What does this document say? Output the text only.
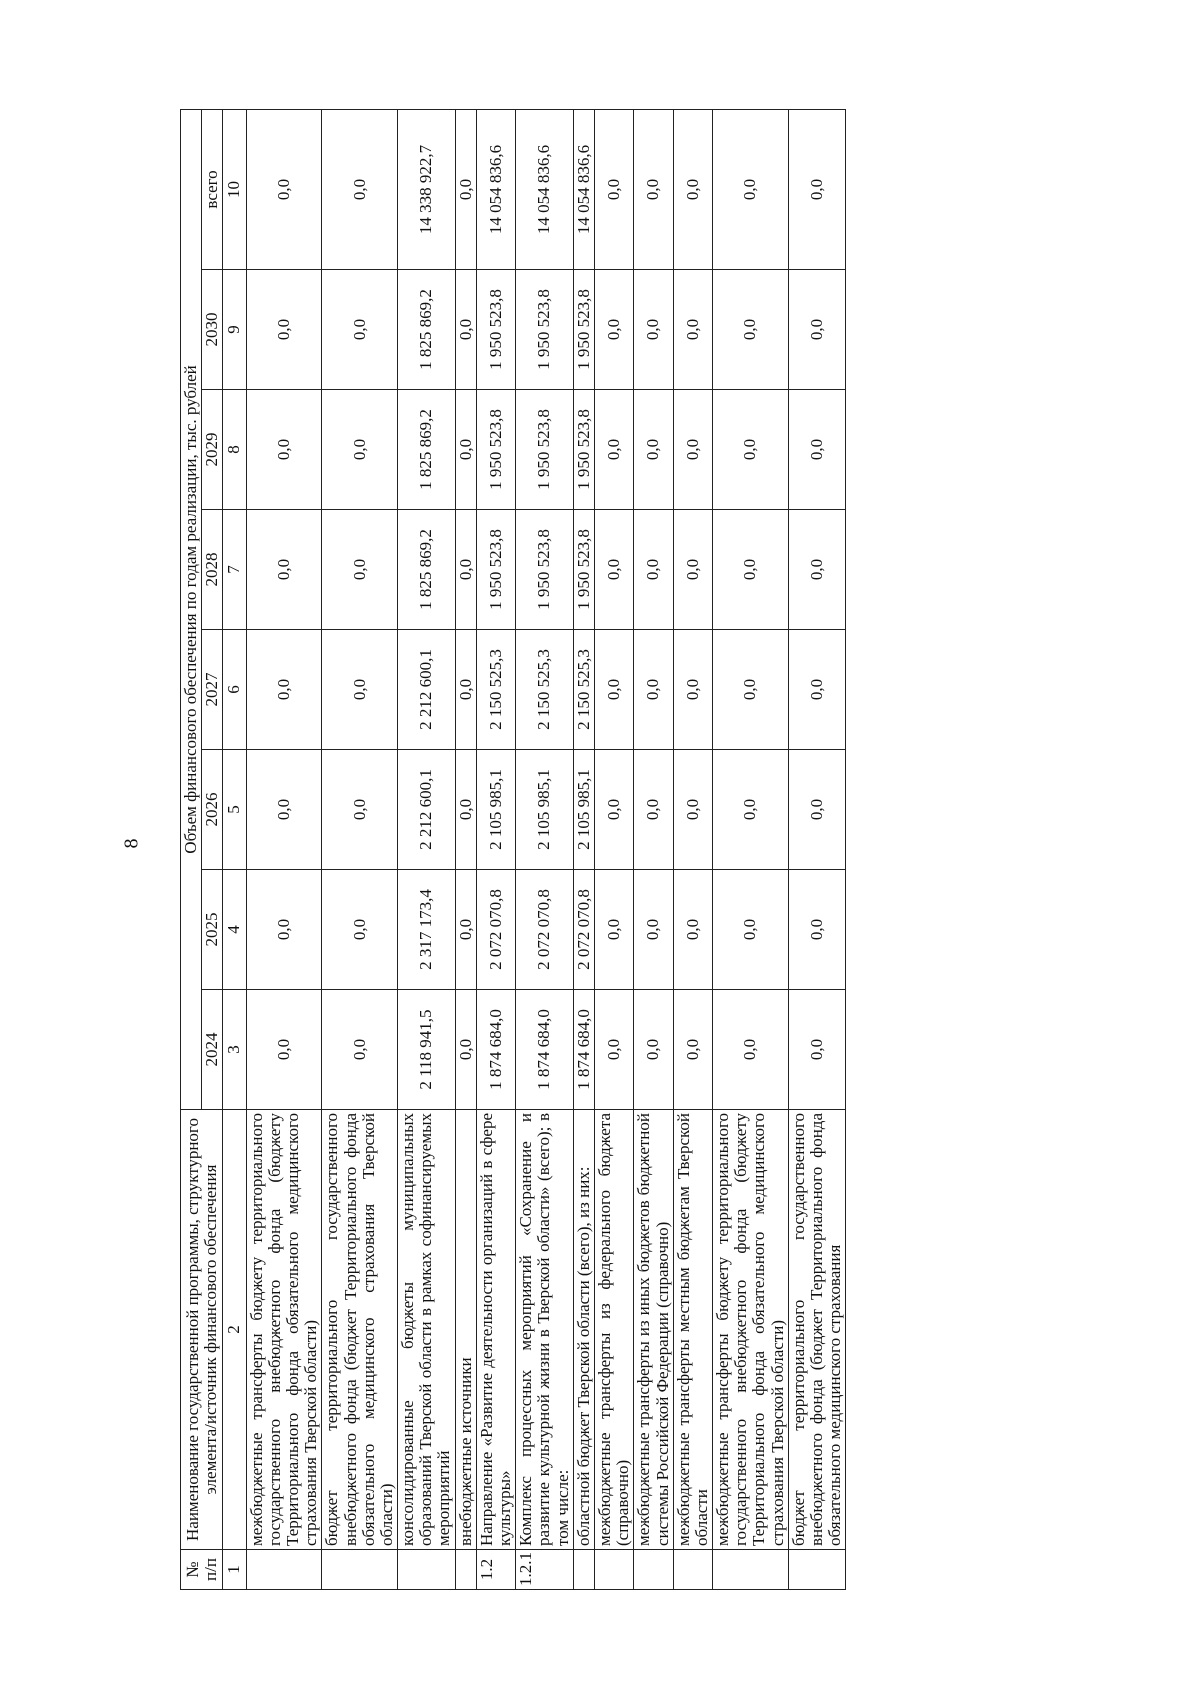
8
№ п/п	Наименование государственной программы, структурного элемента/источник финансового обеспечения	Объем финансового обеспечения по годам реализации, тыс. рублей							
		2024	2025	2026	2027	2028	2029	2030	всего
1	2	3	4	5	6	7	8	9	10
	межбюджетные трансферты бюджету территориального государственного внебюджетного фонда (бюджету Территориального фонда обязательного медицинского страхования Тверской области)	0,0	0,0	0,0	0,0	0,0	0,0	0,0	0,0
	бюджет территориального государственного внебюджетного фонда (бюджет Территориального фонда обязательного медицинского страхования Тверской области)	0,0	0,0	0,0	0,0	0,0	0,0	0,0	0,0
	консолидированные бюджеты муниципальных образований Тверской области в рамках софинансируемых мероприятий	2 118 941,5	2 317 173,4	2 212 600,1	2 212 600,1	1 825 869,2	1 825 869,2	1 825 869,2	14 338 922,7
	внебюджетные источники	0,0	0,0	0,0	0,0	0,0	0,0	0,0	0,0
1.2	Направление «Развитие деятельности организаций в сфере культуры»	1 874 684,0	2 072 070,8	2 105 985,1	2 150 525,3	1 950 523,8	1 950 523,8	1 950 523,8	14 054 836,6
1.2.1	Комплекс процессных мероприятий «Сохранение и развитие культурной жизни в Тверской области» (всего); в том числе:	1 874 684,0	2 072 070,8	2 105 985,1	2 150 525,3	1 950 523,8	1 950 523,8	1 950 523,8	14 054 836,6
	областной бюджет Тверской области (всего), из них:	1 874 684,0	2 072 070,8	2 105 985,1	2 150 525,3	1 950 523,8	1 950 523,8	1 950 523,8	14 054 836,6
	межбюджетные трансферты из федерального бюджета (справочно)	0,0	0,0	0,0	0,0	0,0	0,0	0,0	0,0
	межбюджетные трансферты из иных бюджетов бюджетной системы Российской Федерации (справочно)	0,0	0,0	0,0	0,0	0,0	0,0	0,0	0,0
	межбюджетные трансферты местным бюджетам Тверской области	0,0	0,0	0,0	0,0	0,0	0,0	0,0	0,0
	межбюджетные трансферты бюджету территориального государственного внебюджетного фонда (бюджету Территориального фонда обязательного медицинского страхования Тверской области)	0,0	0,0	0,0	0,0	0,0	0,0	0,0	0,0
	бюджет территориального государственного внебюджетного фонда (бюджет Территориального фонда обязательного медицинского страхования	0,0	0,0	0,0	0,0	0,0	0,0	0,0	0,0
